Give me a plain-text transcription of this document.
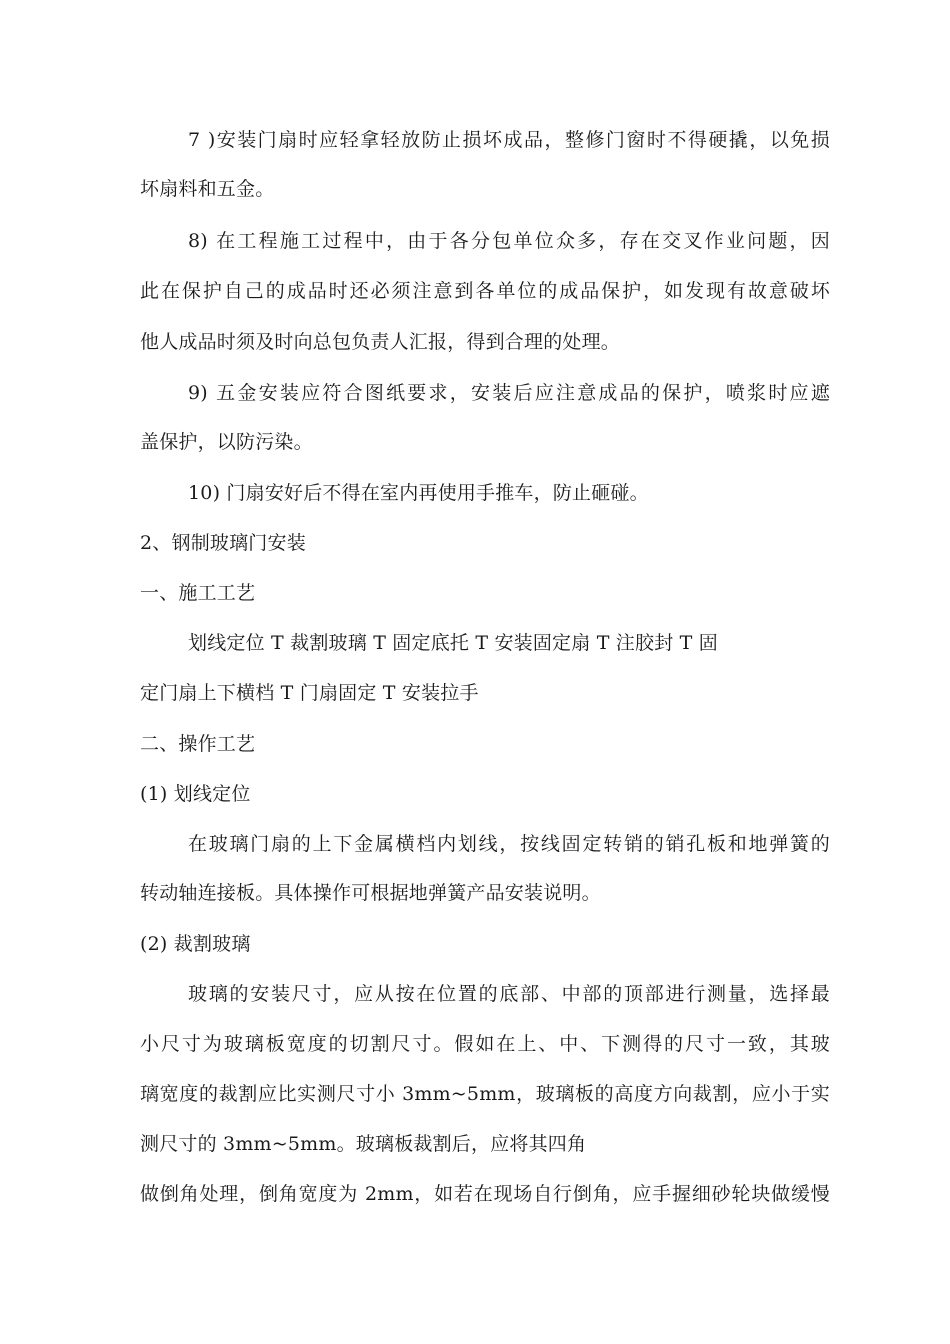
7 )安装门扇时应轻拿轻放防止损坏成品，整修门窗时不得硬撬，以免损
坏扇料和五金。
8) 在工程施工过程中，由于各分包单位众多，存在交叉作业问题，因
此在保护自己的成品时还必须注意到各单位的成品保护，如发现有故意破坏
他人成品时须及时向总包负责人汇报，得到合理的处理。
9) 五金安装应符合图纸要求，安装后应注意成品的保护，喷浆时应遮
盖保护，以防污染。
10) 门扇安好后不得在室内再使用手推车，防止砸碰。
2、钢制玻璃门安装
一、施工工艺
划线定位 T 裁割玻璃 T 固定底托 T 安装固定扇 T 注胶封 T 固
定门扇上下横档 T 门扇固定 T 安装拉手
二、操作工艺
(1) 划线定位
在玻璃门扇的上下金属横档内划线，按线固定转销的销孔板和地弹簧的
转动轴连接板。具体操作可根据地弹簧产品安装说明。
(2) 裁割玻璃
玻璃的安装尺寸，应从按在位置的底部、中部的顶部进行测量，选择最
小尺寸为玻璃板宽度的切割尺寸。假如在上、中、下测得的尺寸一致，其玻
璃宽度的裁割应比实测尺寸小 3mm~5mm，玻璃板的高度方向裁割，应小于实
测尺寸的 3mm~5mm。玻璃板裁割后，应将其四角
做倒角处理，倒角宽度为 2mm，如若在现场自行倒角，应手握细砂轮块做缓慢
